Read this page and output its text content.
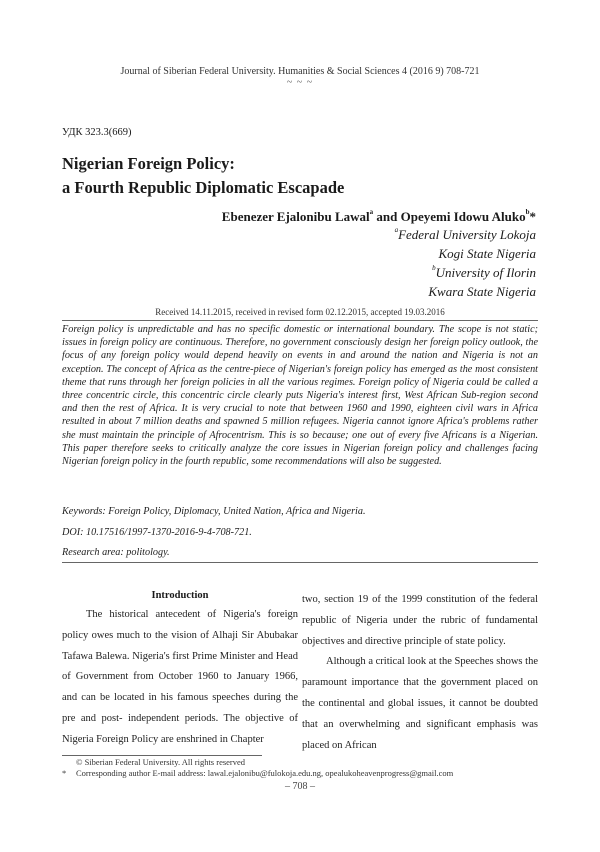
Journal of Siberian Federal University. Humanities & Social Sciences 4 (2016 9) 708-721
~ ~ ~
УДК 323.3(669)
Nigerian Foreign Policy:
a Fourth Republic Diplomatic Escapade
Ebenezer Ejalonibu Lawal$^a$ and Opeyemi Idowu Aluko$^b$*
$^a$Federal University Lokoja
Kogi State Nigeria
$^b$University of Ilorin
Kwara State Nigeria
Received 14.11.2015, received in revised form 02.12.2015, accepted 19.03.2016

Foreign policy is unpredictable and has no specific domestic or international boundary. The scope is not static; issues in foreign policy are continuous. Therefore, no government consciously design her foreign policy outlook, the focus of any foreign policy would depend heavily on events in and around the nation and Nigeria is not an exception. The concept of Africa as the centre-piece of Nigerian's foreign policy has emerged as the most consistent theme that runs through her foreign policies in all the various regimes. Foreign policy of Nigeria could be called a three concentric circle, this concentric circle clearly puts Nigeria's interest first, West African Sub-region second and then the rest of Africa. It is very crucial to note that between 1960 and 1990, eighteen civil wars in Africa resulted in about 7 million deaths and spawned 5 million refugees. Nigeria cannot ignore Africa's problems rather she must maintain the principle of Afrocentrism. This is so because; one out of every five Africans is a Nigerian. This paper therefore seeks to critically analyze the core issues in Nigerian foreign policy and challenges facing Nigerian foreign policy in the fourth republic, some recommendations will also be suggested.

Keywords: Foreign Policy, Diplomacy, United Nation, Africa and Nigeria.
DOI: 10.17516/1997-1370-2016-9-4-708-721.
Research area: politology.
Introduction

The historical antecedent of Nigeria's foreign policy owes much to the vision of Alhaji Sir Abubakar Tafawa Balewa. Nigeria's first Prime Minister and Head of Government from October 1960 to January 1966, and can be located in his famous speeches during the pre and post- independent periods. The objective of Nigeria Foreign Policy are enshrined in Chapter

two, section 19 of the 1999 constitution of the federal republic of Nigeria under the rubric of fundamental objectives and directive principle of state policy.

Although a critical look at the Speeches shows the paramount importance that the government placed on the continental and global issues, it cannot be doubted that an overwhelming and significant emphasis was placed on African

© Siberian Federal University. All rights reserved
* Corresponding author E-mail address: lawal.ejalonibu@fulokoja.edu.ng, opealukoheavenprogress@gmail.com
– 708 –
